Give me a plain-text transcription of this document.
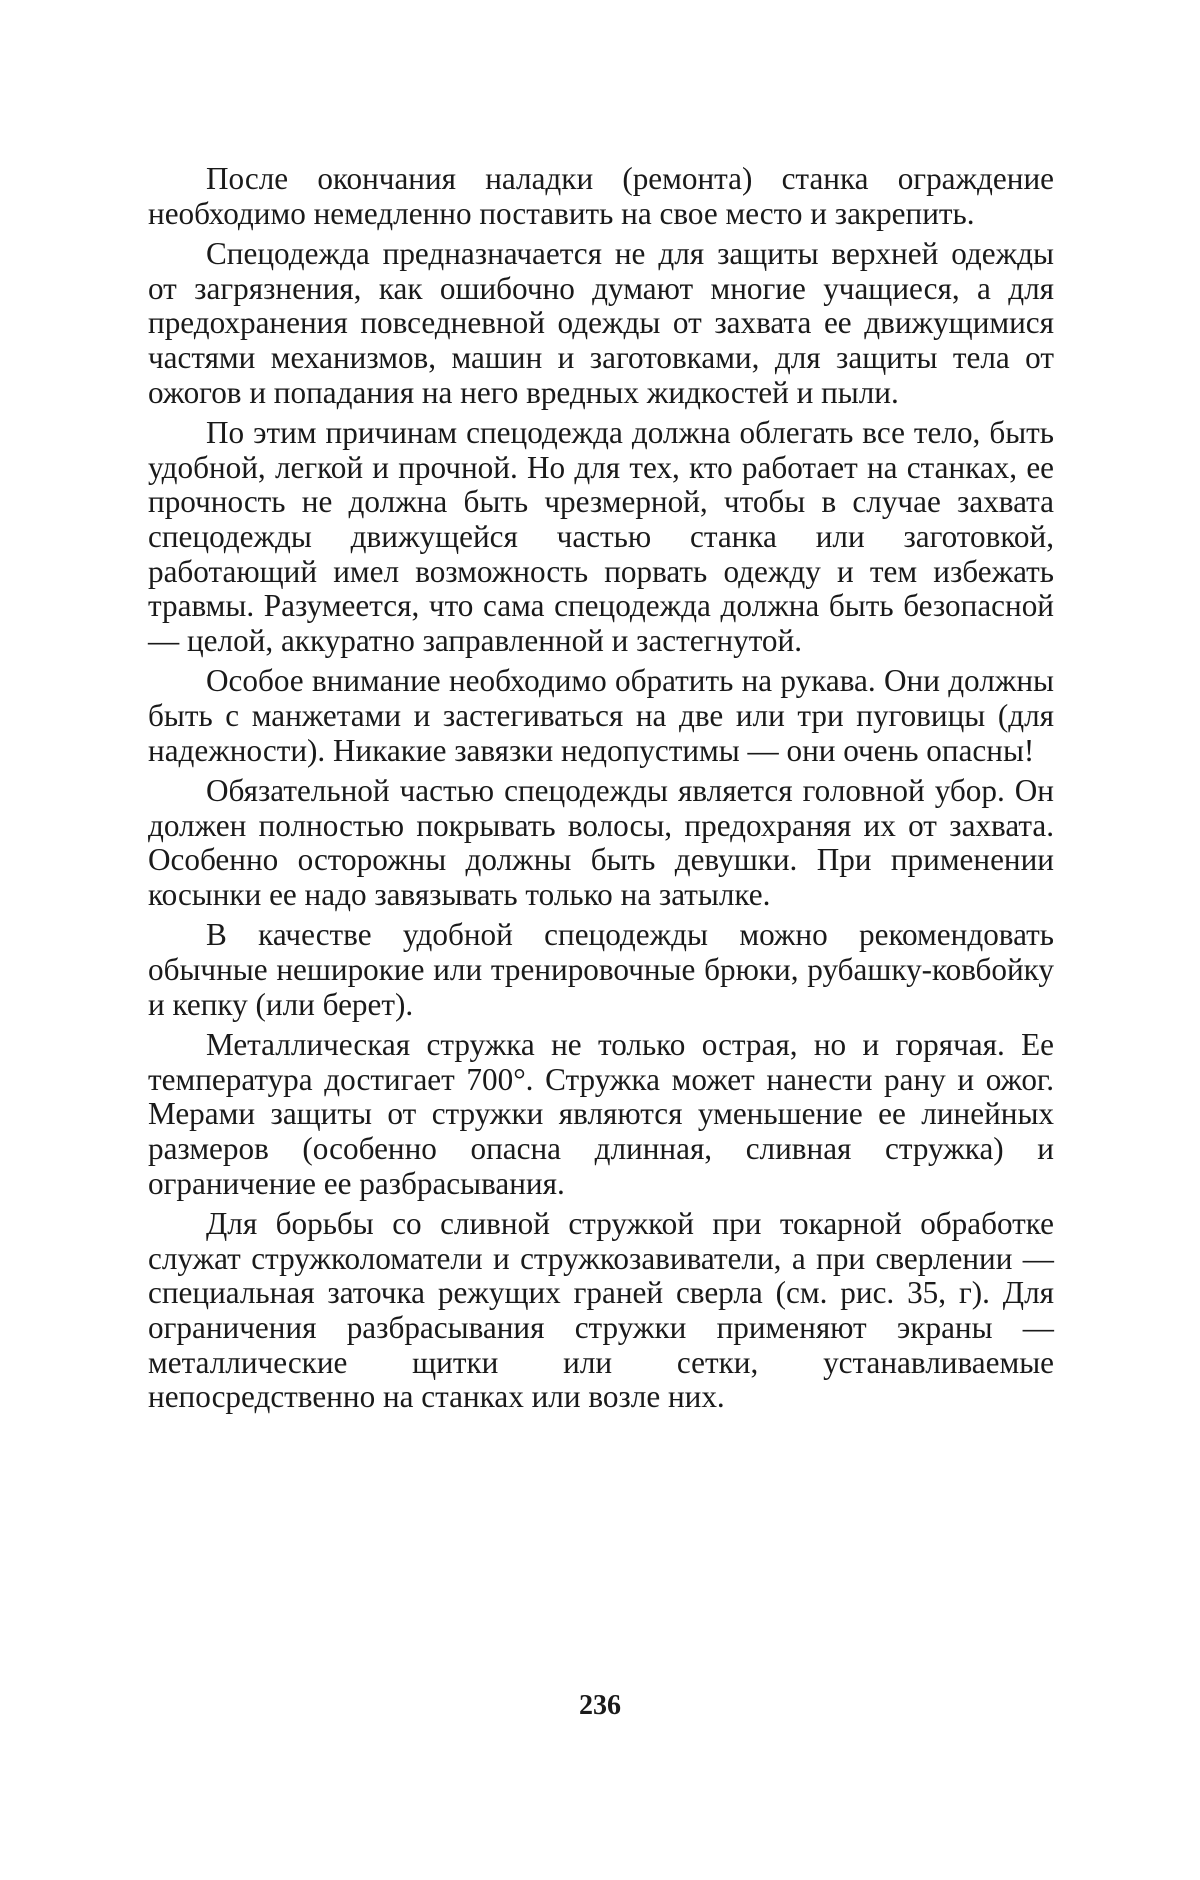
После окончания наладки (ремонта) станка ограждение необходимо немедленно поставить на свое место и закрепить.

Спецодежда предназначается не для защиты верхней одежды от загрязнения, как ошибочно думают многие учащиеся, а для предохранения повседневной одежды от захвата ее движущимися частями механизмов, машин и заготовками, для защиты тела от ожогов и попадания на него вредных жидкостей и пыли.

По этим причинам спецодежда должна облегать все тело, быть удобной, легкой и прочной. Но для тех, кто работает на станках, ее прочность не должна быть чрезмерной, чтобы в случае захвата спецодежды движущейся частью станка или заготовкой, работающий имел возможность порвать одежду и тем избежать травмы. Разумеется, что сама спецодежда должна быть безопасной — целой, аккуратно заправленной и застегнутой.

Особое внимание необходимо обратить на рукава. Они должны быть с манжетами и застегиваться на две или три пуговицы (для надежности). Никакие завязки недопустимы — они очень опасны!

Обязательной частью спецодежды является головной убор. Он должен полностью покрывать волосы, предохраняя их от захвата. Особенно осторожны должны быть девушки. При применении косынки ее надо завязывать только на затылке.

В качестве удобной спецодежды можно рекомендовать обычные неширокие или тренировочные брюки, рубашку-ковбойку и кепку (или берет).

Металлическая стружка не только острая, но и горячая. Ее температура достигает 700°. Стружка может нанести рану и ожог. Мерами защиты от стружки являются уменьшение ее линейных размеров (особенно опасна длинная, сливная стружка) и ограничение ее разбрасывания.

Для борьбы со сливной стружкой при токарной обработке служат стружколоматели и стружкозавиватели, а при сверлении — специальная заточка режущих граней сверла (см. рис. 35, г). Для ограничения разбрасывания стружки применяют экраны — металлические щитки или сетки, устанавливаемые непосредственно на станках или возле них.

236
